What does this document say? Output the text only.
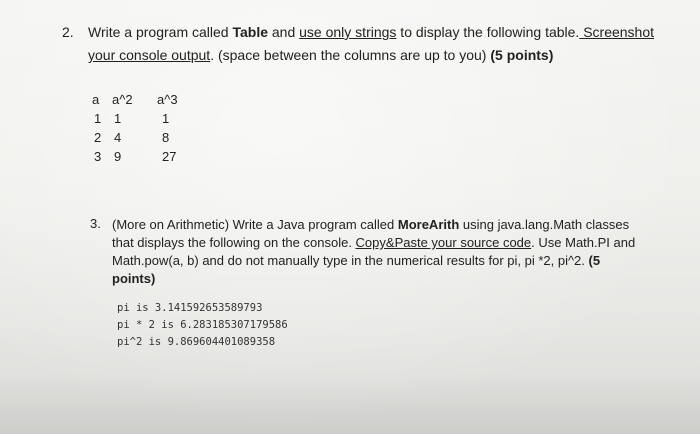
2. Write a program called Table and use only strings to display the following table. Screenshot
your console output. (space between the columns are up to you) (5 points)
a a^2 a^3
1 1	1
2 4	8
3 9	27
3. (More on Arithmetic) Write a Java program called MoreArith using java.lang.Math classes
that displays the following on the console. Copy&Paste your source code. Use Math.PI and
Math.pow(a, b) and do not manually type in the numerical results for pi, pi *2, pi^2. (5
points)
pi is 3.141592653589793
pi * 2 is 6.283185307179586
pi^2 is 9.869604401089358
